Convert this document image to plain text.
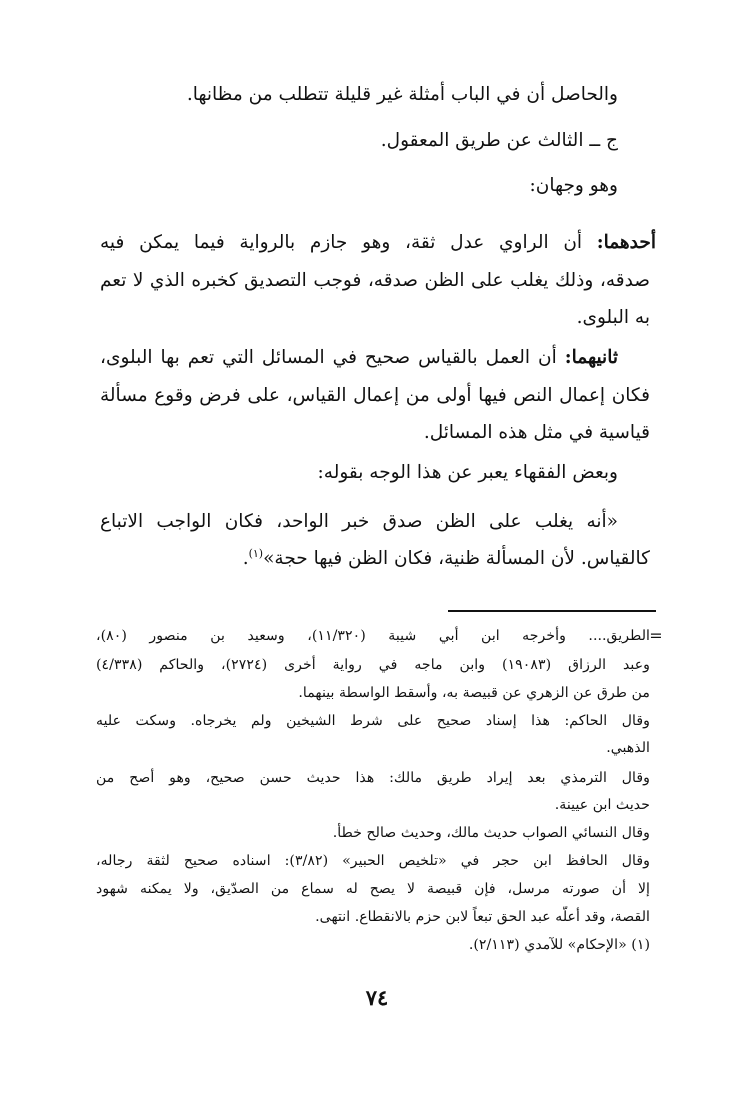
والحاصل أن في الباب أمثلة غير قليلة تتطلب من مظانها.
ج ــ الثالث عن طريق المعقول.
وهو وجهان:
أحدهما: أن الراوي عدل ثقة، وهو جازم بالرواية فيما يمكن فيه
صدقه، وذلك يغلب على الظن صدقه، فوجب التصديق كخبره الذي لا تعم
به البلوى.
ثانيهما: أن العمل بالقياس صحيح في المسائل التي تعم بها البلوى،
فكان إعمال النص فيها أولى من إعمال القياس، على فرض وقوع مسألة
قياسية في مثل هذه المسائل.
وبعض الفقهاء يعبر عن هذا الوجه بقوله:
«أنه يغلب على الظن صدق خبر الواحد، فكان الواجب الاتباع
كالقياس. لأن المسألة ظنية، فكان الظن فيها حجة»$^{(١)}$.
=
الطريق.... وأخرجه ابن أبي شيبة (١١/٣٢٠)، وسعيد بن منصور (٨٠)،
وعبد الرزاق (١٩٠٨٣) وابن ماجه في رواية أخرى (٢٧٢٤)، والحاكم (٤/٣٣٨)
من طرق عن الزهري عن قبيصة به، وأسقط الواسطة بينهما.
وقال الحاكم: هذا إسناد صحيح على شرط الشيخين ولم يخرجاه. وسكت عليه
الذهبي.
وقال الترمذي بعد إيراد طريق مالك: هذا حديث حسن صحيح، وهو أصح من
حديث ابن عيينة.
وقال النسائي الصواب حديث مالك، وحديث صالح خطأ.
وقال الحافظ ابن حجر في «تلخيص الحبير» (٣/٨٢): اسناده صحيح لثقة رجاله،
إلا أن صورته مرسل، فإن قبيصة لا يصح له سماع من الصدّيق، ولا يمكنه شهود
القصة، وقد أعلّه عبد الحق تبعاً لابن حزم بالانقطاع. انتهى.
(١) «الإحكام» للآمدي (٢/١١٣).
٧٤
